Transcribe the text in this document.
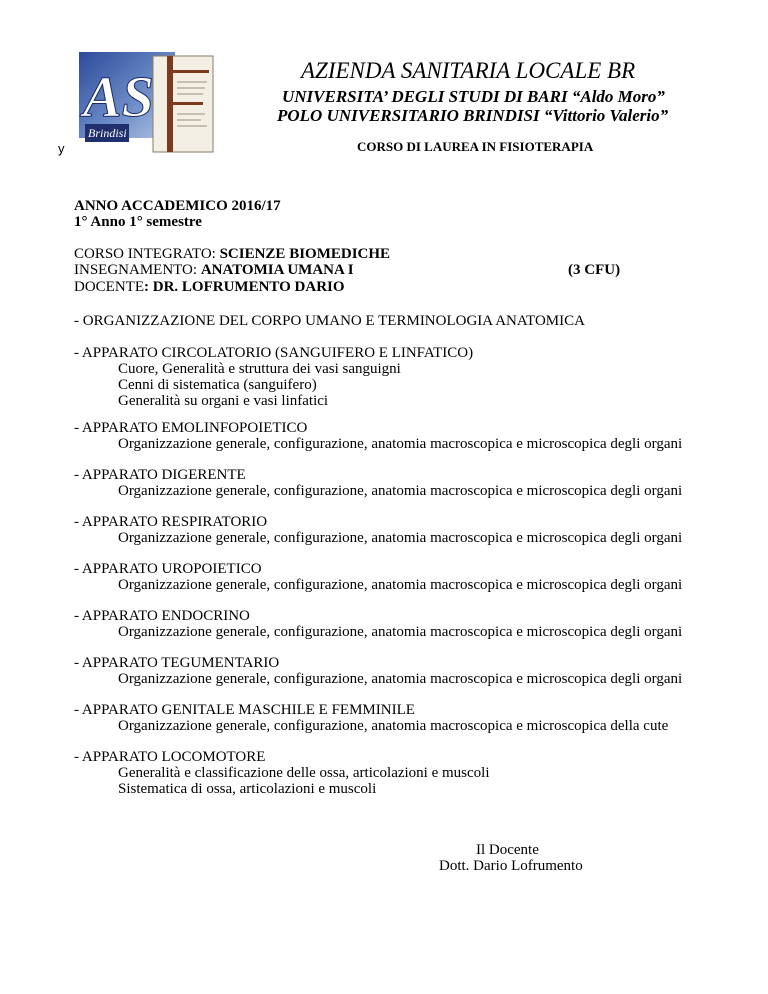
AS
Brindisi
y
AZIENDA SANITARIA LOCALE BR
UNIVERSITA’ DEGLI STUDI DI BARI “Aldo Moro”
POLO UNIVERSITARIO BRINDISI “Vittorio Valerio”
CORSO DI LAUREA IN FISIOTERAPIA
ANNO ACCADEMICO 2016/17
1° Anno 1° semestre
CORSO INTEGRATO: SCIENZE BIOMEDICHE
INSEGNAMENTO: ANATOMIA UMANA I
DOCENTE: DR. LOFRUMENTO DARIO
(3 CFU)
- ORGANIZZAZIONE DEL CORPO UMANO E TERMINOLOGIA ANATOMICA
- APPARATO CIRCOLATORIO (SANGUIFERO E LINFATICO)
Cuore, Generalità e struttura dei vasi sanguigni
Cenni di sistematica (sanguifero)
Generalità su organi e vasi linfatici
- APPARATO EMOLINFOPOIETICO
Organizzazione generale, configurazione, anatomia macroscopica e microscopica degli organi
- APPARATO DIGERENTE
Organizzazione generale, configurazione, anatomia macroscopica e microscopica degli organi
- APPARATO RESPIRATORIO
Organizzazione generale, configurazione, anatomia macroscopica e microscopica degli organi
- APPARATO UROPOIETICO
Organizzazione generale, configurazione, anatomia macroscopica e microscopica degli organi
- APPARATO ENDOCRINO
Organizzazione generale, configurazione, anatomia macroscopica e microscopica degli organi
- APPARATO TEGUMENTARIO
Organizzazione generale, configurazione, anatomia macroscopica e microscopica degli organi
- APPARATO GENITALE MASCHILE E FEMMINILE
Organizzazione generale, configurazione, anatomia macroscopica e microscopica della cute
- APPARATO LOCOMOTORE
Generalità e classificazione delle ossa, articolazioni e muscoli
Sistematica di ossa, articolazioni e muscoli
Il Docente
Dott. Dario Lofrumento
